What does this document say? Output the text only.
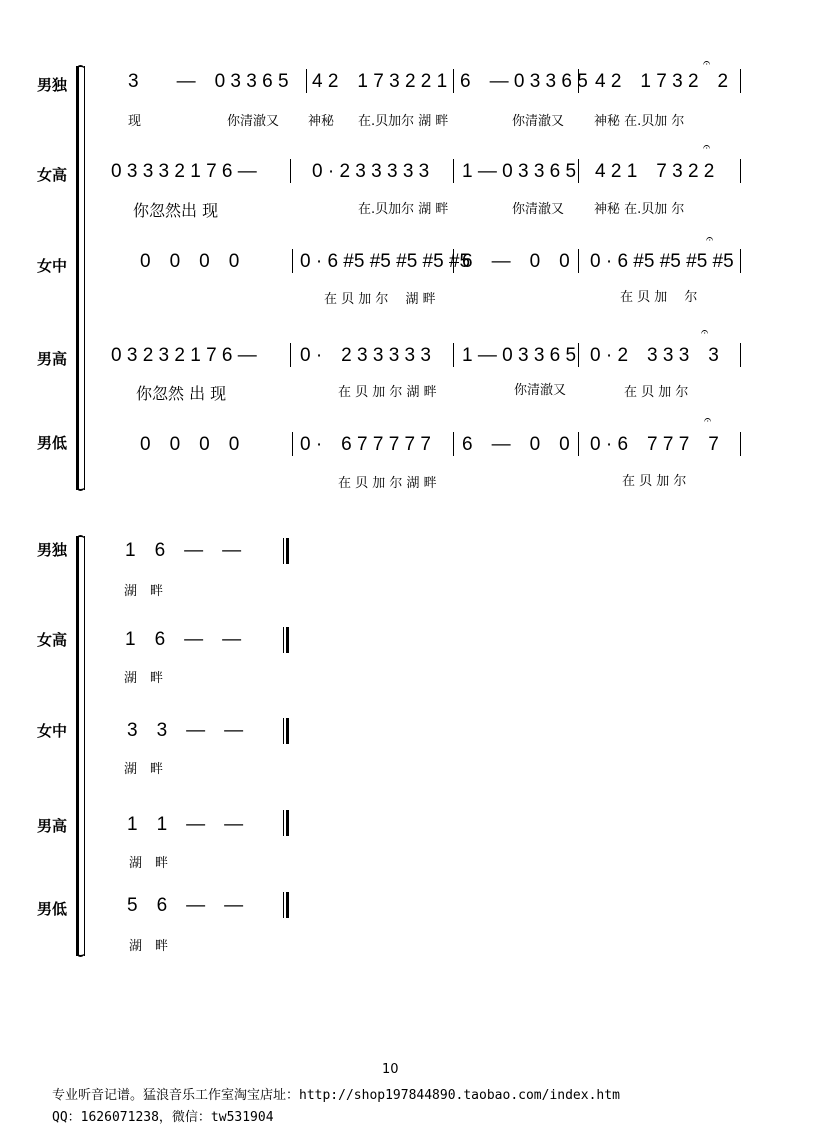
男独	3　　—　0 3 3 6 5 4 2　1 7 3 2 2 1 6　— 0 3 3 6 5 4 2　1 7 3 2　2
𝄐
现	你清澈又 神秘 在.贝加尔 湖 畔	你清澈又 神秘 在.贝加 尔
女高 0 3 3 3 2 1 7 6 —	0 · 2 3 3 3 3 3 1 — 0 3 3 6 5 4 2 1　7 3 2 2
𝄐
你忽然出 现	在.贝加尔 湖 畔	你清澈又 神秘 在.贝加 尔
女中	0　0　0　0	0 · 6 #5 #5 #5 #5 #5
6　—　0　0 0 · 6 #5 #5 #5 #5
𝄐
在 贝 加 尔　 湖 畔	在 贝 加　 尔
男高 0 3 2 3 2 1 7 6 — 0 ·　2 3 3 3 3 3 1 — 0 3 3 6 5 0 · 2　3 3 3　3
𝄐
你忽然 出 现	在 贝 加 尔 湖 畔	你清澈又	在 贝 加 尔
男低	0　0　0　0	0 ·　6 7 7 7 7 7 6　—　0　0 0 · 6　7 7 7　7
𝄐
在 贝 加 尔 湖 畔	在 贝 加 尔
男独	1　6　—　—
湖　畔
女高	1　6　—　—
湖　畔
女中	3　3　—　—
湖　畔
男高	1　1　—　—
湖　畔
男低	5　6　—　—
湖　畔
10
专业听音记谱。猛浪音乐工作室淘宝店址：http://shop197844890.taobao.com/index.htm
QQ：1626071238，微信：tw531904
